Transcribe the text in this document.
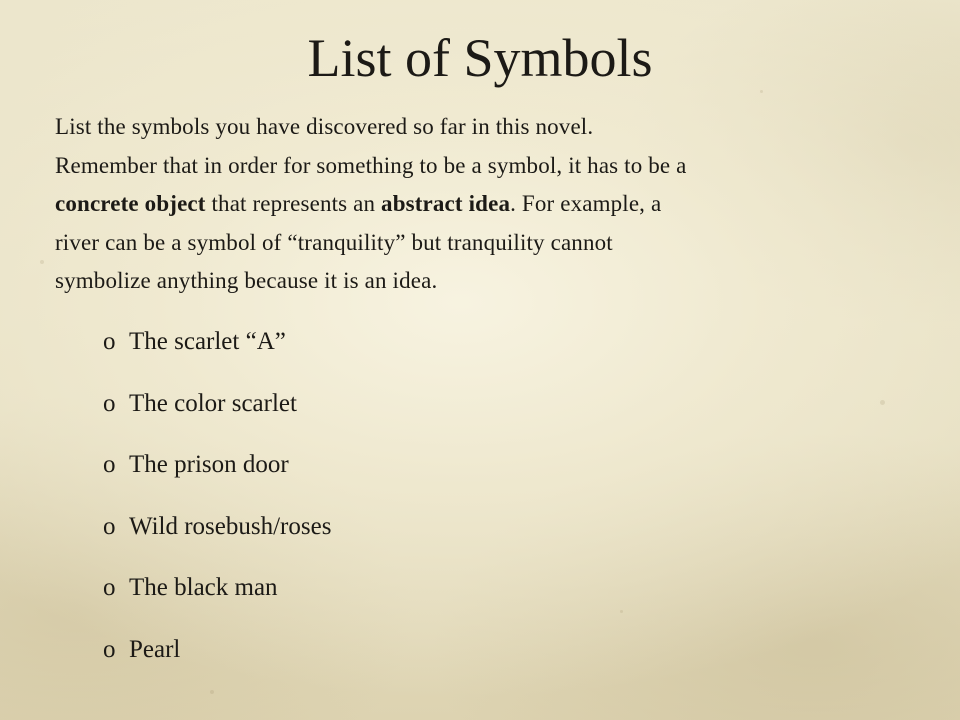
List of Symbols

List the symbols you have discovered so far in this novel.
Remember that in order for something to be a symbol, it has to be a
concrete object that represents an abstract idea. For example, a
river can be a symbol of “tranquility” but tranquility cannot
symbolize anything because it is an idea.

o The scarlet “A”
o The color scarlet
o The prison door
o Wild rosebush/roses
o The black man
o Pearl
